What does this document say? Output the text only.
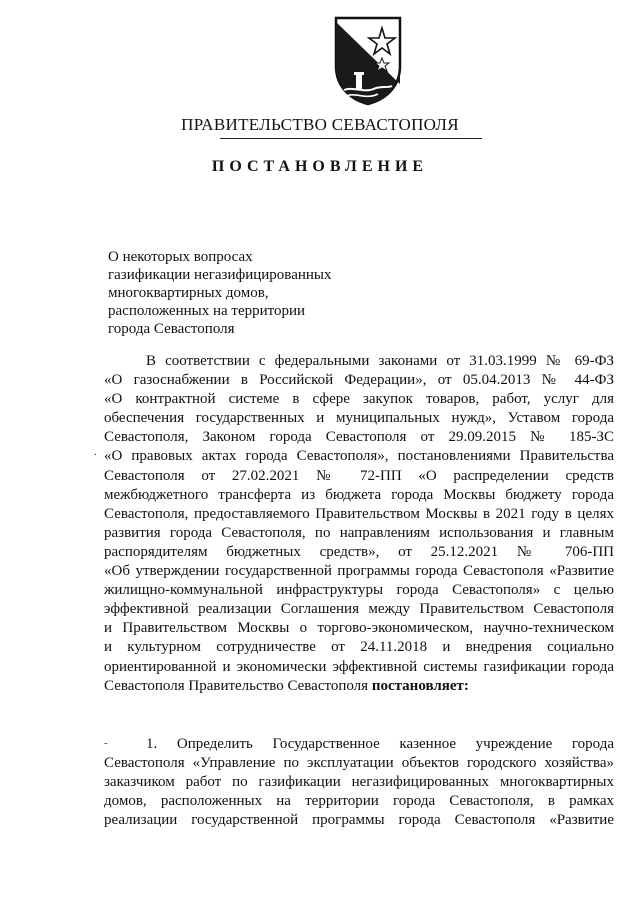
ПРАВИТЕЛЬСТВО СЕВАСТОПОЛЯ
ПОСТАНОВЛЕНИЕ
О некоторых вопросах
газификации негазифицированных
многоквартирных домов,
расположенных на территории
города Севастополя
В соответствии с федеральными законами от 31.03.1999 № 69-ФЗ
«О газоснабжении в Российской Федерации», от 05.04.2013 № 44-ФЗ
«О контрактной системе в сфере закупок товаров, работ, услуг для
обеспечения государственных и муниципальных нужд», Уставом города
Севастополя, Законом города Севастополя от 29.09.2015 № 185-ЗС
«О правовых актах города Севастополя», постановлениями Правительства
Севастополя от 27.02.2021 № 72-ПП «О распределении средств
межбюджетного трансферта из бюджета города Москвы бюджету города
Севастополя, предоставляемого Правительством Москвы в 2021 году в целях
развития города Севастополя, по направлениям использования и главным
распорядителям бюджетных средств», от 25.12.2021 № 706-ПП
«Об утверждении государственной программы города Севастополя «Развитие
жилищно-коммунальной инфраструктуры города Севастополя» с целью
эффективной реализации Соглашения между Правительством Севастополя
и Правительством Москвы о торгово-экономическом, научно-техническом
и культурном сотрудничестве от 24.11.2018 и внедрения социально
ориентированной и экономически эффективной системы газификации города
Севастополя Правительство Севастополя постановляет:
1. Определить Государственное казенное учреждение города
Севастополя «Управление по эксплуатации объектов городского хозяйства»
заказчиком работ по газификации негазифицированных многоквартирных
домов, расположенных на территории города Севастополя, в рамках
реализации государственной программы города Севастополя «Развитие
.
-
